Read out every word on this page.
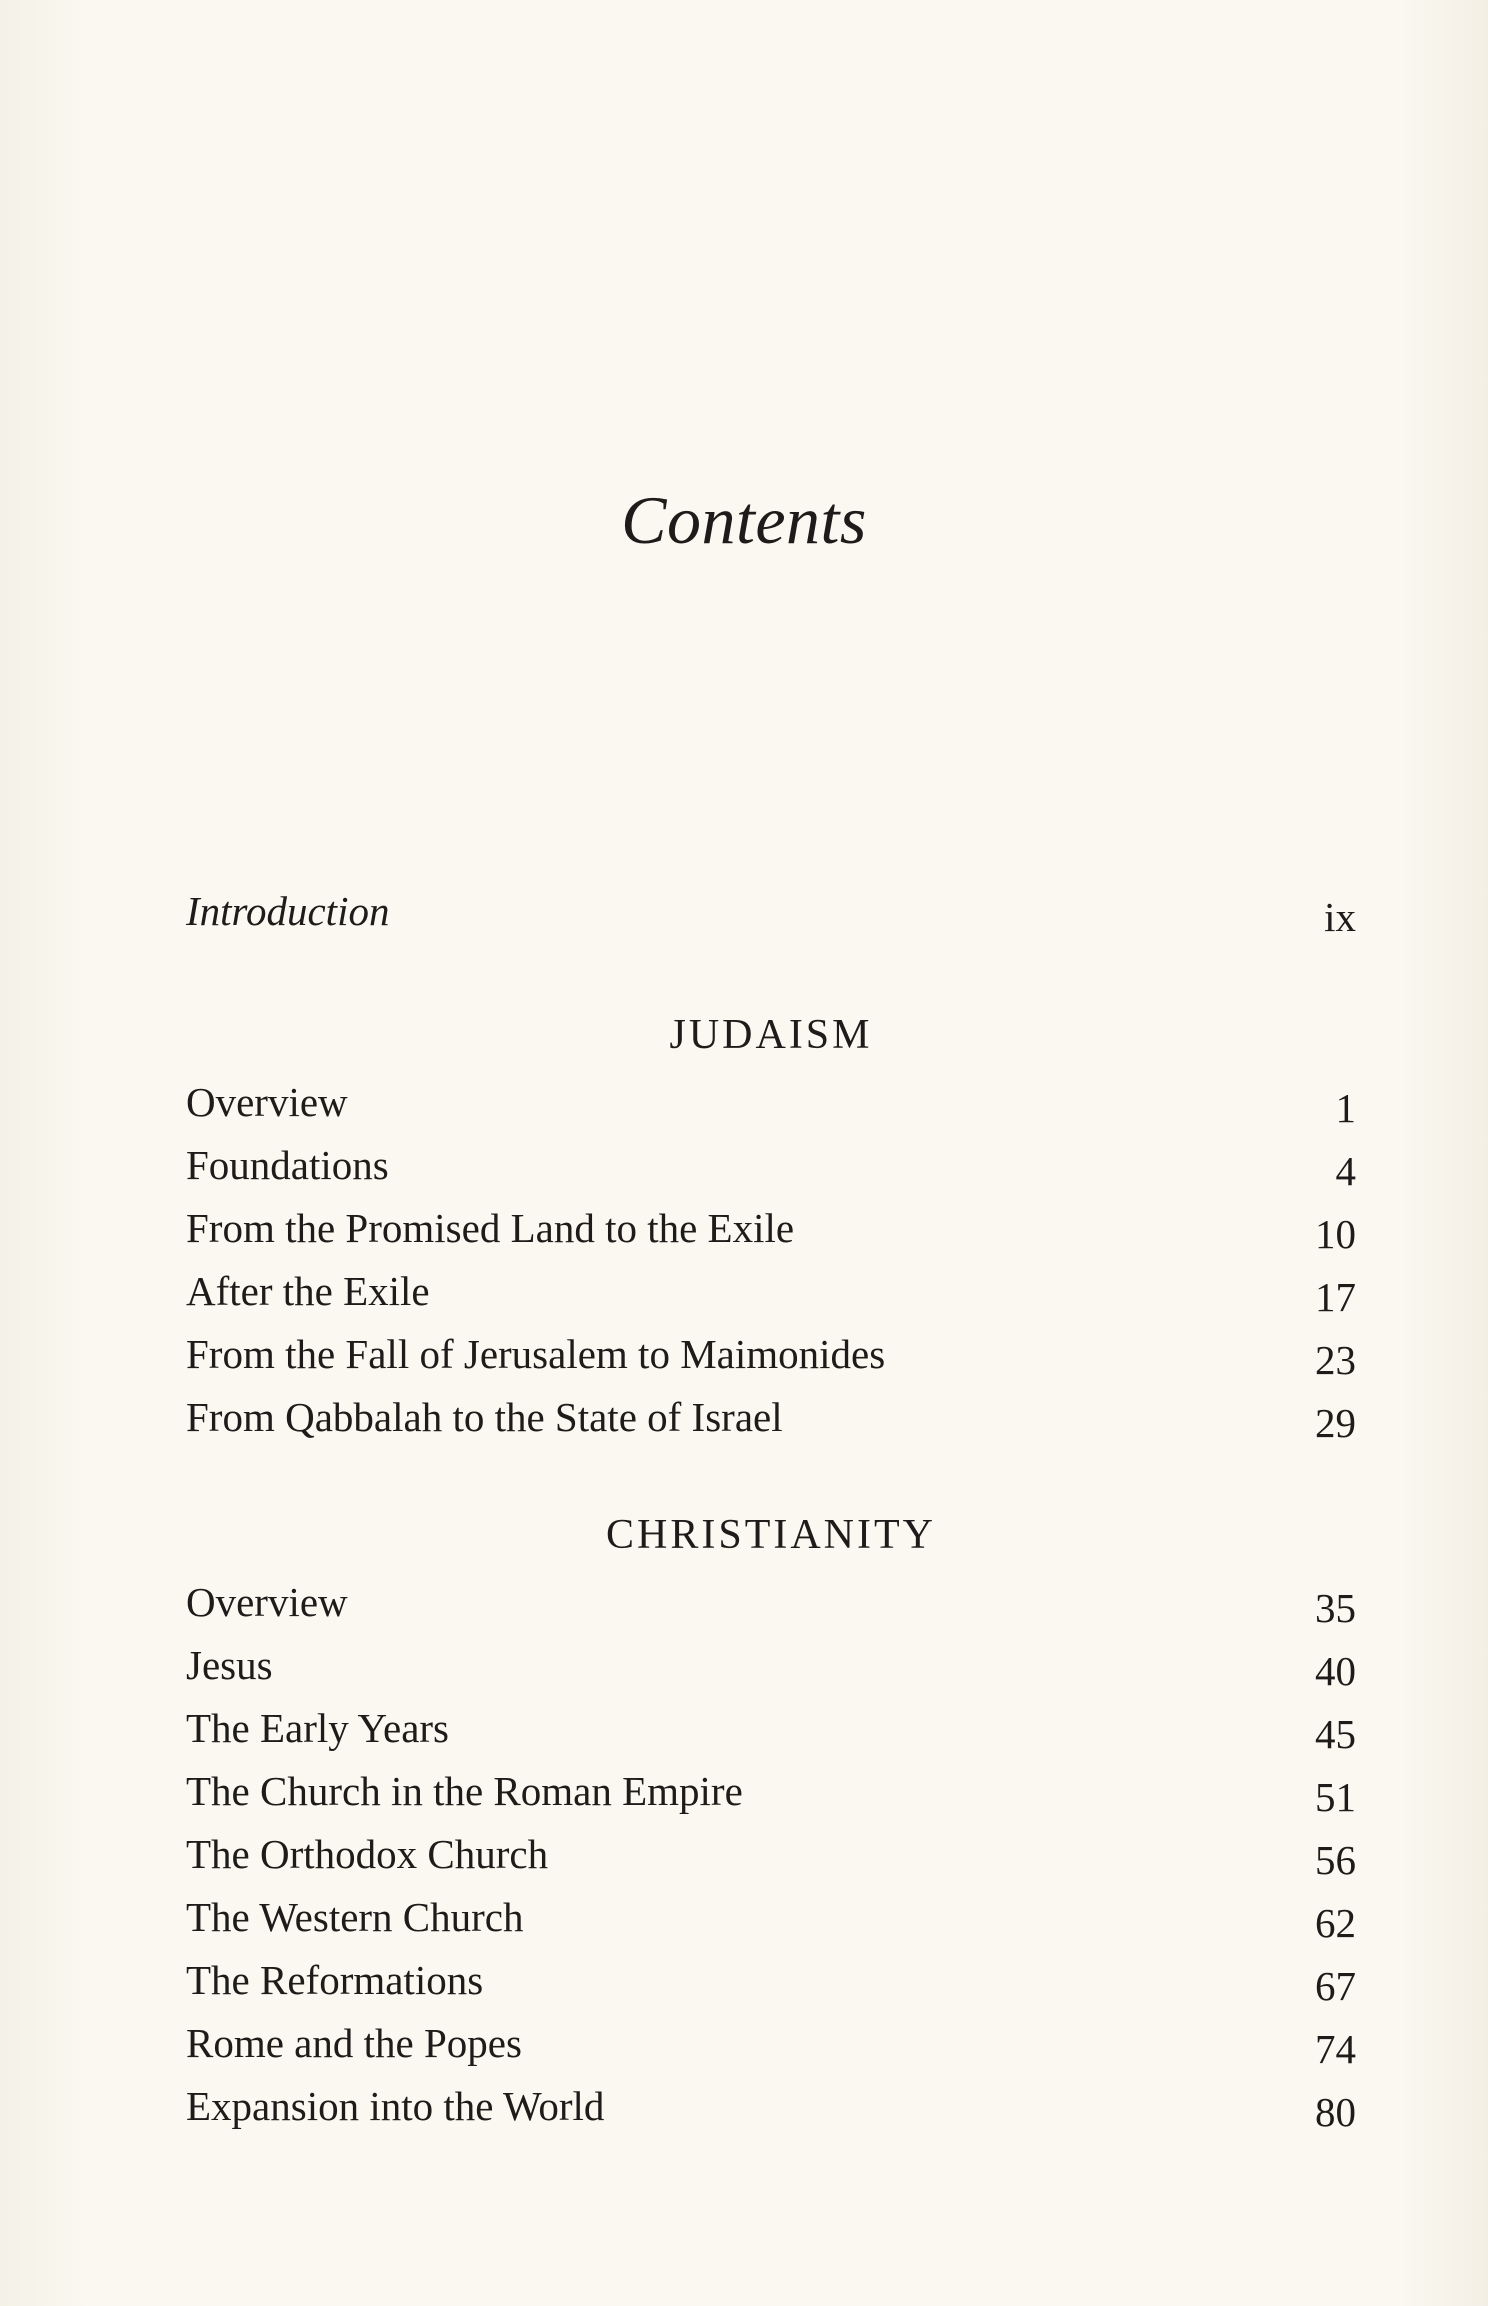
Contents
Introduction	ix
JUDAISM
Overview	1
Foundations	4
From the Promised Land to the Exile	10
After the Exile	17
From the Fall of Jerusalem to Maimonides	23
From Qabbalah to the State of Israel	29
CHRISTIANITY
Overview	35
Jesus	40
The Early Years	45
The Church in the Roman Empire	51
The Orthodox Church	56
The Western Church	62
The Reformations	67
Rome and the Popes	74
Expansion into the World	80
